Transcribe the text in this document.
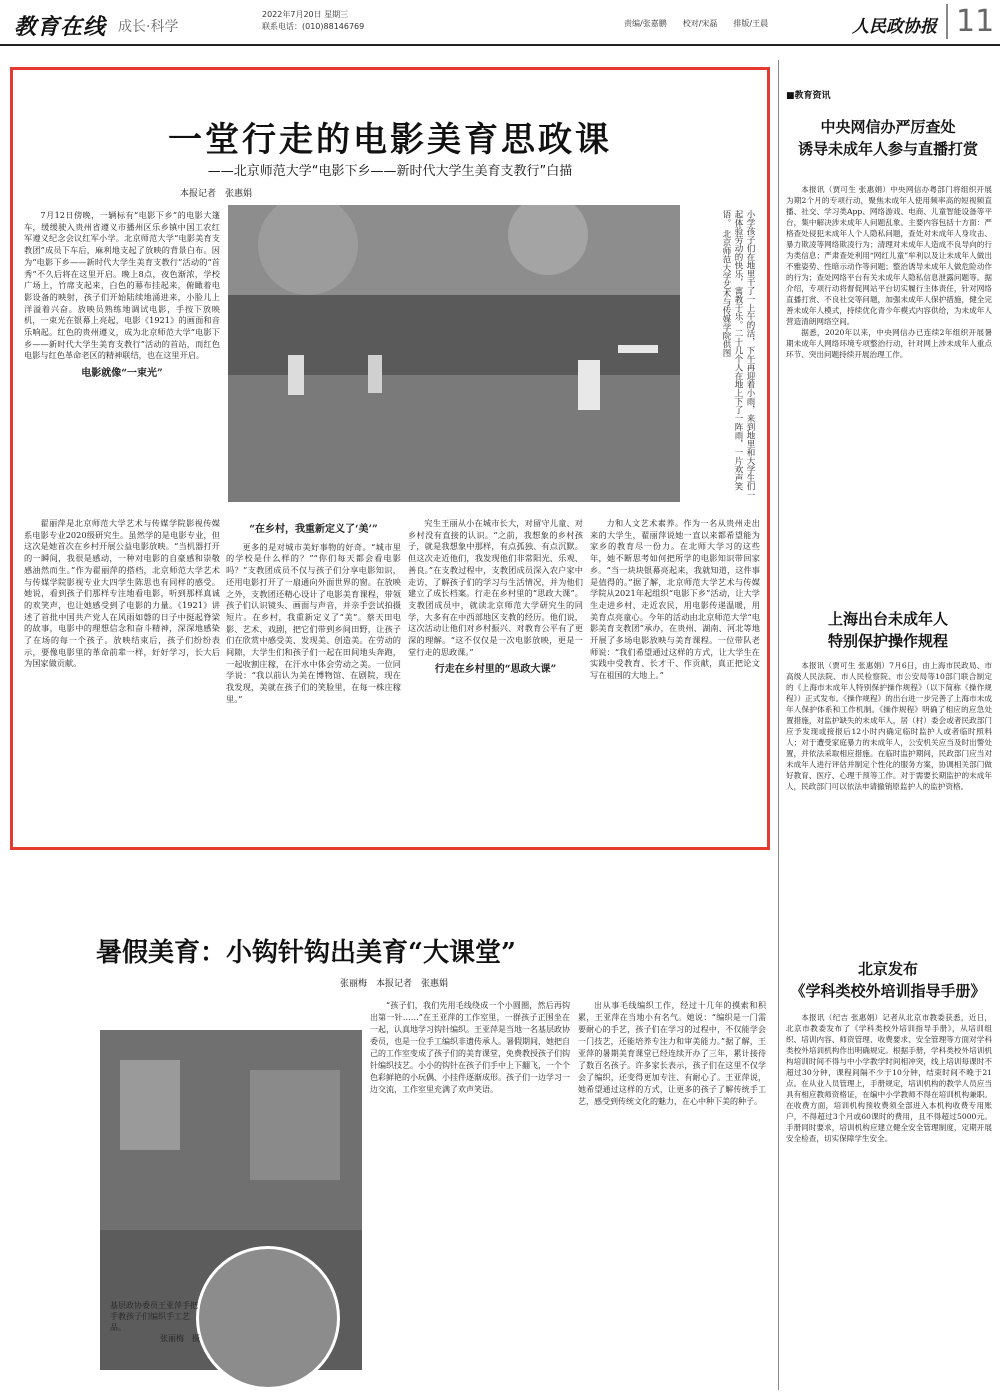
教育在线 成长·科学
2022年7月20日 星期三
联系电话：(010)88146769	责编/张嘉鹏　　校对/宋磊　　排版/王晨	人民政协报 11
一堂行走的电影美育思政课
——北京师范大学“电影下乡——新时代大学生美育支教行”白描
本报记者　张惠娟

7月12日傍晚，一辆标有“电影下乡”的电影大篷车，缓缓驶入贵州省遵义市播州区乐乡镇中国工农红军遵义纪念会议红军小学。北京师范大学“电影美育支教团”成员下车后，麻利地支起了放映的背景白布。因为“电影下乡——新时代大学生美育支教行”活动的“首秀”不久后将在这里开启。晚上8点，夜色渐浓，学校广场上，竹席支起来，白色的幕布挂起来，俯瞰着电影设备的映射，孩子们开始陆续地涌进来，小脸儿上洋溢着兴奋。放映员熟练地调试电影，手按下放映机，一束光在银幕上亮起，电影《1921》的画面和音乐响起。红色的贵州遵义，成为北京师范大学“电影下乡——新时代大学生美育支教行”活动的首站，而红色电影与红色革命老区的精神联结，也在这里开启。

电影就像“一束光”	小学孩子们在地里干了一上午的活，下午再迎着小雨，来到地里和大学生们一起体验劳动的快乐，寓教于乐。二十几个人在地上下了一阵雨，一片欢声笑语。 北京师范大学艺术与传媒学院供图

翟丽萍是北京师范大学艺术与传媒学院影视传媒系电影专业2020级研究生。虽然学的是电影专业，但这次是她首次在乡村开展公益电影放映。“当机器打开的一瞬间，我很是感动，一种对电影的自豪感和崇敬感油然而生。”作为翟丽萍的搭档，北京师范大学艺术与传媒学院影视专业大四学生陈思也有同样的感受。她说，看到孩子们那样专注地看电影，听到那样真诚的欢笑声，也让她感受到了电影的力量。《1921》讲述了首批中国共产党人在风雨如磐的日子中挺起脊梁的故事，电影中的理想信念和奋斗精神，深深地感染了在场的每一个孩子。放映结束后，孩子们纷纷表示，要像电影里的革命前辈一样，好好学习，长大后为国家做贡献。

“在乡村，我重新定义了‘美’”

更多的是对城市美好事物的好奇。“城市里的学校是什么样的？”“你们每天都会看电影吗？”支教团成员不仅与孩子们分享电影知识，还用电影打开了一扇通向外面世界的窗。在放映之外，支教团还精心设计了电影美育课程，带领孩子们认识镜头、画面与声音，并亲手尝试拍摄短片。在乡村，我重新定义了“美”。蔡天田电影、艺术、戏剧，把它们带到乡间田野，让孩子们在欣赏中感受美、发现美、创造美。在劳动的间隙，大学生们和孩子们一起在田间地头奔跑，一起收割庄稼，在汗水中体会劳动之美。一位同学说：“我以前认为美在博物馆、在剧院，现在我发现，美就在孩子们的笑脸里，在每一株庄稼里。”

究生王丽从小在城市长大，对留守儿童、对乡村没有直接的认识。“之前，我想象的乡村孩子，就是我想象中那样，有点孤独、有点沉默。但这次走近他们，我发现他们非常阳光、乐观、善良。”在支教过程中，支教团成员深入农户家中走访，了解孩子们的学习与生活情况，并为他们建立了成长档案。行走在乡村里的“思政大课”。支教团成员中，就读北京师范大学研究生的同学，大多有在中西部地区支教的经历。他们说，这次活动让他们对乡村振兴、对教育公平有了更深的理解。“这不仅仅是一次电影放映，更是一堂行走的思政课。”

行走在乡村里的“思政大课”

力和人文艺术素养。作为一名从贵州走出来的大学生，翟丽萍说她一直以来都希望能为家乡的教育尽一份力。在北师大学习的这些年，她不断思考如何把所学的电影知识带回家乡。“当一块块银幕亮起来，我就知道，这件事是值得的。”据了解，北京师范大学艺术与传媒学院从2021年起组织“电影下乡”活动，让大学生走进乡村、走近农民，用电影传递温暖，用美育点亮童心。今年的活动由北京师范大学“电影美育支教团”承办，在贵州、湖南、河北等地开展了多场电影放映与美育课程。一位带队老师说：“我们希望通过这样的方式，让大学生在实践中受教育、长才干、作贡献，真正把论文写在祖国的大地上。”

暑假美育：小钩针钩出美育“大课堂”
张丽梅　本报记者　张惠娟
基层政协委员王亚萍手把手教孩子们编织手工艺品。
张丽梅　摄

“孩子们，我们先用毛线绕成一个小圆圈，然后再钩出第一针……”在王亚萍的工作室里，一群孩子正围坐在一起，认真地学习钩针编织。王亚萍是当地一名基层政协委员，也是一位手工编织非遗传承人。暑假期间，她把自己的工作室变成了孩子们的美育课堂，免费教授孩子们钩针编织技艺。小小的钩针在孩子们手中上下翻飞，一个个色彩鲜艳的小玩偶、小挂件逐渐成形。孩子们一边学习一边交流，工作室里充满了欢声笑语。

出从事毛线编织工作，经过十几年的摸索和积累，王亚萍在当地小有名气。她说：“编织是一门需要耐心的手艺，孩子们在学习的过程中，不仅能学会一门技艺，还能培养专注力和审美能力。”据了解，王亚萍的暑期美育课堂已经连续开办了三年，累计接待了数百名孩子。许多家长表示，孩子们在这里不仅学会了编织，还变得更加专注、有耐心了。王亚萍说，她希望通过这样的方式，让更多的孩子了解传统手工艺，感受到传统文化的魅力，在心中种下美的种子。

■教育资讯
中央网信办严厉查处
诱导未成年人参与直播打赏

本报讯（贾可生 张惠娟）中央网信办粤部门将组织开展为期2个月的专项行动，聚焦未成年人使用频率高的短视频直播、社交、学习类App、网络游戏、电商、儿童智能设备等平台，集中解决涉未成年人问题乱象。主要内容包括十方面：严格查处侵犯未成年人个人隐私问题，查处对未成年人身攻击、暴力欺凌等网络欺凌行为；清理对未成年人造成不良导向的行为类信息；严肃查处利用“网红儿童”牟利以及让未成年人做出不雅姿势、性暗示动作等问题；整治诱导未成年人做危险动作的行为；查处网络平台有关未成年人隐私信息泄露问题等。据介绍，专项行动将督促网站平台切实履行主体责任，针对网络直播打赏、不良社交等问题，加强未成年人保护措施，健全完善未成年人模式，持续优化青少年模式内容供给，为未成年人营造清朗网络空间。

据悉，2020年以来，中央网信办已连续2年组织开展暑期未成年人网络环境专项整治行动，针对网上涉未成年人重点环节、突出问题持续开展治理工作。

上海出台未成年人
特别保护操作规程

本报讯（贾可生 张惠娟）7月6日，由上海市民政局、市高级人民法院、市人民检察院、市公安局等10部门联合制定的《上海市未成年人特别保护操作规程》（以下简称《操作规程》）正式发布。《操作规程》的出台进一步完善了上海市未成年人保护体系和工作机制。《操作规程》明确了相应的应急处置措施，对监护缺失的未成年人，居（村）委会或者民政部门应予发现或接报后12小时内确定临时监护人或者临时照料人；对于遭受家庭暴力的未成年人，公安机关应当及时出警处置，并依法采取相应措施。在临时监护期间，民政部门应当对未成年人进行评估并制定个性化的服务方案，协调相关部门做好教育、医疗、心理干预等工作。对于需要长期监护的未成年人，民政部门可以依法申请撤销原监护人的监护资格。

北京发布
《学科类校外培训指导手册》

本报讯（纪吉 张惠娟）记者从北京市教委获悉，近日，北京市教委发布了《学科类校外培训指导手册》，从培训组织、培训内容、师资管理、收费要求、安全管理等方面对学科类校外培训机构作出明确规定。根据手册，学科类校外培训机构培训时间不得与中小学教学时间相冲突，线上培训每课时不超过30分钟，课程间隔不少于10分钟，结束时间不晚于21点。在从业人员管理上，手册规定，培训机构的教学人员应当具有相应教师资格证，在编中小学教师不得在培训机构兼职。在收费方面，培训机构预收费须全部进入本机构收费专用账户，不得超过3个月或60课时的费用，且不得超过5000元。手册同时要求，培训机构应建立健全安全管理制度，定期开展安全检查，切实保障学生安全。
